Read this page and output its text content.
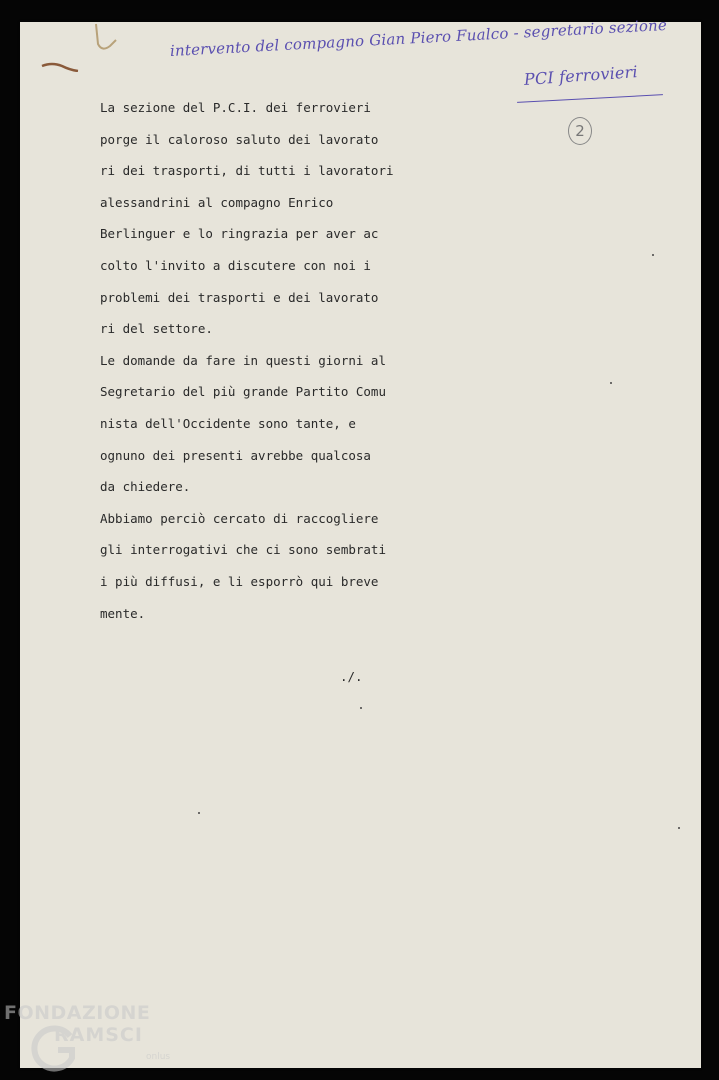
intervento del compagno Gian Piero Fualco - segretario sezione
PCI ferrovieri
2

La sezione del P.C.I. dei ferrovieri

porge il caloroso saluto dei lavorato

ri dei trasporti, di tutti i lavoratori

alessandrini al compagno Enrico

Berlinguer e lo ringrazia per aver ac

colto l'invito a discutere con noi i

problemi dei trasporti e dei lavorato

ri del settore.

Le domande da fare in questi giorni al

Segretario del più grande Partito Comu

nista dell'Occidente sono tante, e

ognuno dei presenti avrebbe qualcosa

da chiedere.

Abbiamo perciò cercato di raccogliere

gli interrogativi che ci sono sembrati

i più diffusi, e li esporrò qui breve

mente.

./.
FONDAZIONE
RAMSCI
onlus
